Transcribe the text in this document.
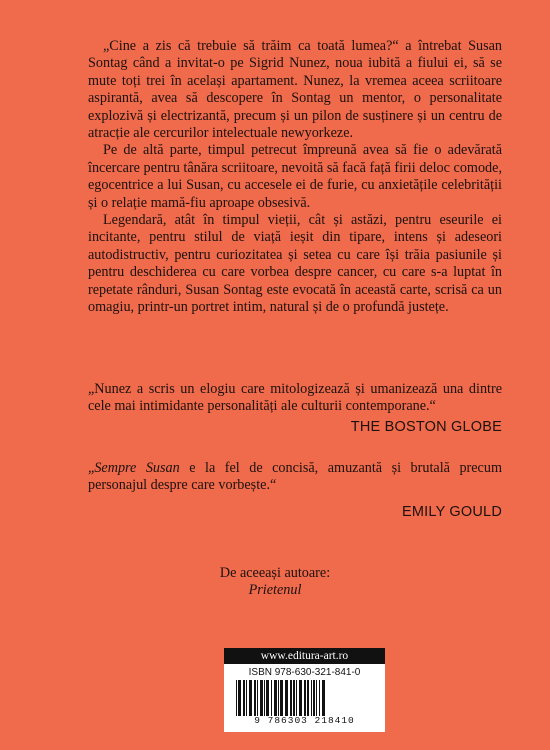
„Cine a zis că trebuie să trăim ca toată lumea?“ a întrebat Susan Sontag când a invitat-o pe Sigrid Nunez, noua iubită a fiului ei, să se mute toți trei în același apartament. Nunez, la vremea aceea scriitoare aspirantă, avea să descopere în Sontag un mentor, o personalitate explozivă și electrizantă, precum și un pilon de susținere și un centru de atracție ale cercurilor intelectuale newyorkeze.

Pe de altă parte, timpul petrecut împreună avea să fie o adevărată încercare pentru tânăra scriitoare, nevoită să facă față firii deloc comode, egocentrice a lui Susan, cu accesele ei de furie, cu anxietățile celebrității și o relație mamă-fiu aproape obsesivă.

Legendară, atât în timpul vieții, cât și astăzi, pentru eseurile ei incitante, pentru stilul de viață ieșit din tipare, intens și adeseori autodistructiv, pentru curiozitatea și setea cu care își trăia pasiunile și pentru deschiderea cu care vorbea despre cancer, cu care s-a luptat în repetate rânduri, Susan Sontag este evocată în această carte, scrisă ca un omagiu, printr-un portret intim, natural și de o profundă justețe.

„Nunez a scris un elogiu care mitologizează și umanizează una dintre cele mai intimidante personalități ale culturii contemporane.“
THE BOSTON GLOBE
„Sempre Susan e la fel de concisă, amuzantă și brutală precum personajul despre care vorbește.“
EMILY GOULD
De aceeași autoare:
Prietenul
www.editura-art.ro
ISBN 978-630-321-841-0
9 786303 218410
